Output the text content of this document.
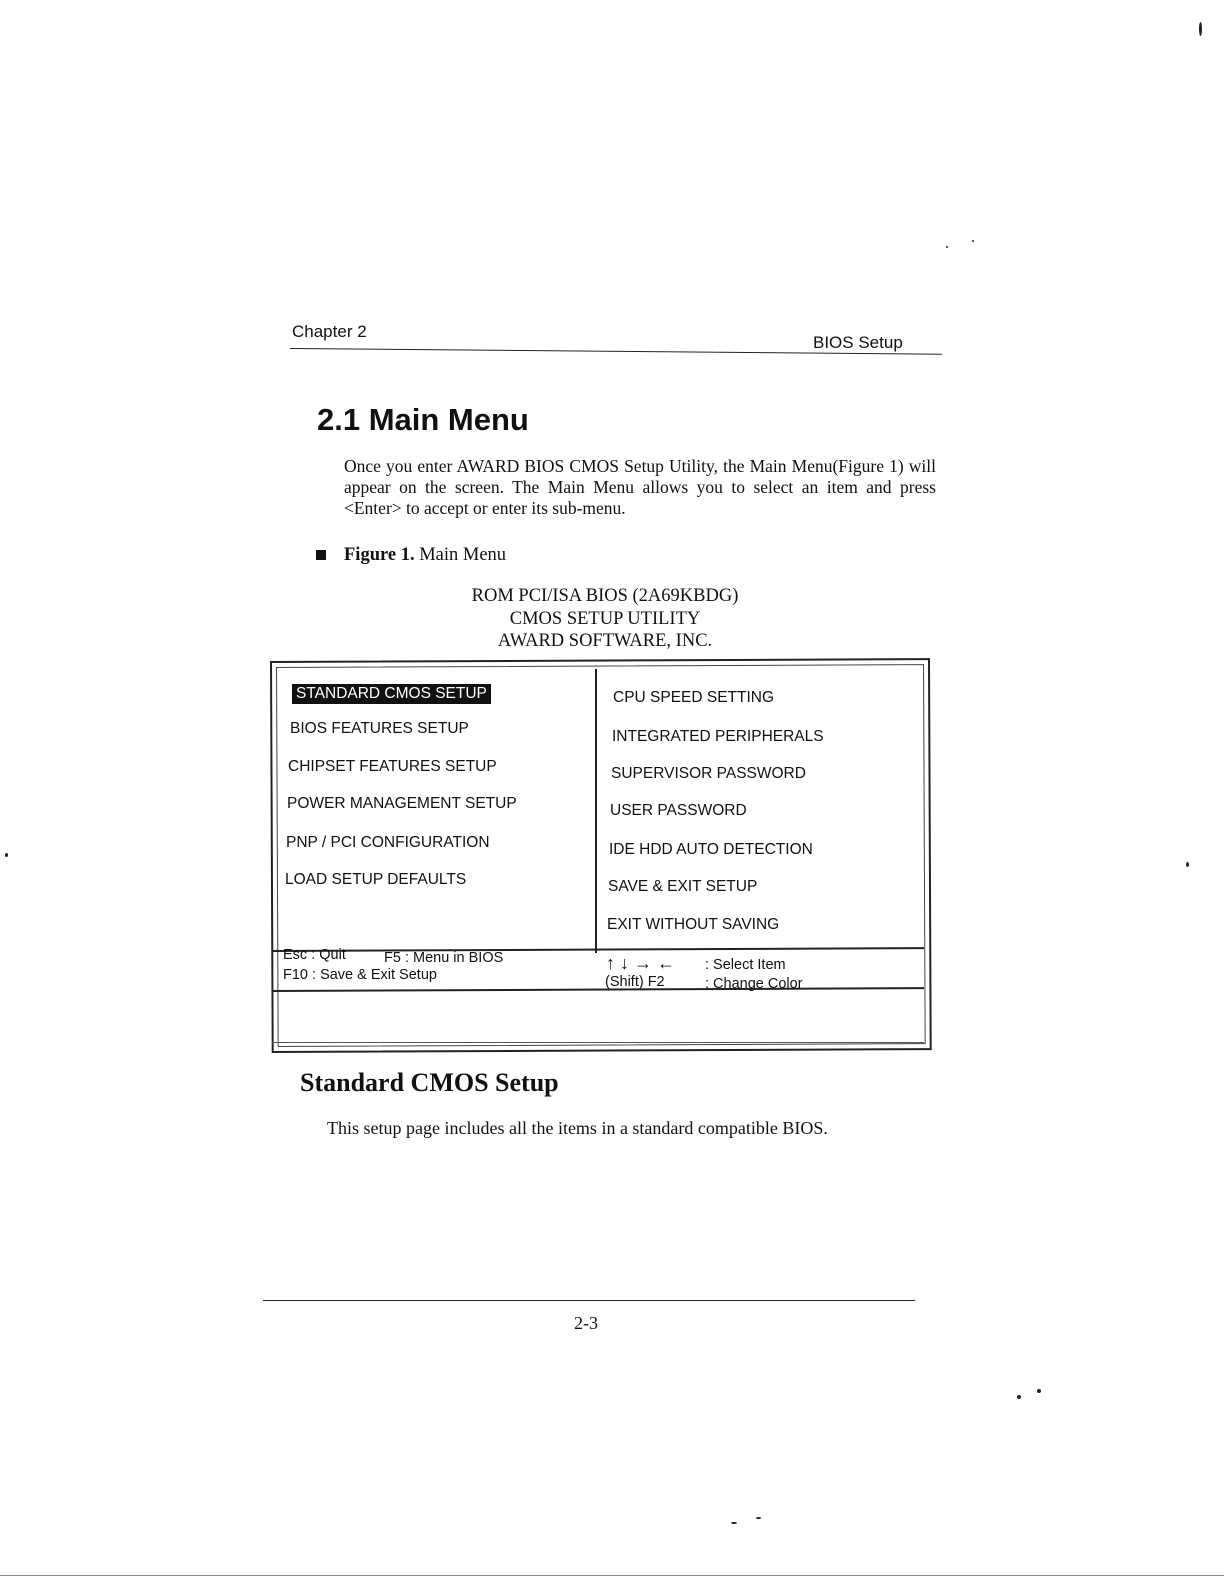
Chapter 2
BIOS Setup
2.1 Main Menu
Once you enter AWARD BIOS CMOS Setup Utility, the Main Menu(Figure 1) will appear on the screen. The Main Menu allows you to select an item and press <Enter> to accept or enter its sub-menu.
Figure 1. Main Menu
ROM PCI/ISA BIOS (2A69KBDG)
CMOS SETUP UTILITY
AWARD SOFTWARE, INC.
STANDARD CMOS SETUP
BIOS FEATURES SETUP
CHIPSET FEATURES SETUP
POWER MANAGEMENT SETUP
PNP / PCI CONFIGURATION
LOAD SETUP DEFAULTS
CPU SPEED SETTING
INTEGRATED PERIPHERALS
SUPERVISOR PASSWORD
USER PASSWORD
IDE HDD AUTO DETECTION
SAVE & EXIT SETUP
EXIT WITHOUT SAVING
Esc : Quit	F5 : Menu in BIOS
F10 : Save & Exit Setup
↑↓→← : Select Item
(Shift) F2	: Change Color
Standard CMOS Setup
This setup page includes all the items in a standard compatible BIOS.
2-3
